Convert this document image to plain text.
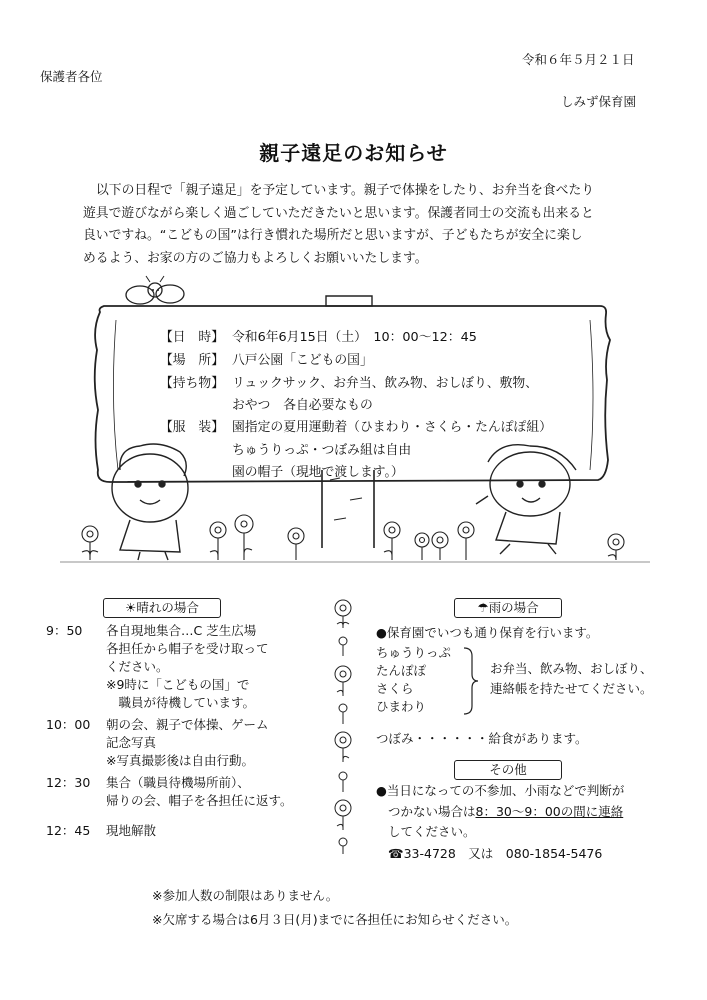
令和６年５月２１日
保護者各位
しみず保育園
親子遠足のお知らせ
以下の日程で「親子遠足」を予定しています。親子で体操をしたり、お弁当を食べたり
遊具で遊びながら楽しく過ごしていただきたいと思います。保護者同士の交流も出来ると
良いですね。“こどもの国”は行き慣れた場所だと思いますが、子どもたちが安全に楽し
めるよう、お家の方のご協力もよろしくお願いいたします。
【日　時】 令和6年6月15日（土）　10：00～12：45
【場　所】 八戸公園「こどもの国」
【持ち物】 リュックサック、お弁当、飲み物、おしぼり、敷物、
おやつ　各自必要なもの
【服　装】 園指定の夏用運動着（ひまわり・さくら・たんぽぽ組）
ちゅうりっぷ・つぼみ組は自由
園の帽子（現地で渡します。）
☀晴れの場合
9：50 各自現地集合…C 芝生広場
各担任から帽子を受け取って
ください。
※9時に「こどもの国」で
　職員が待機しています。
10：00 朝の会、親子で体操、ゲーム
記念写真
※写真撮影後は自由行動。
12：30 集合（職員待機場所前）、
帰りの会、帽子を各担任に返す。
12：45 現地解散
☂雨の場合
●保育園でいつも通り保育を行います。
ちゅうりっぷ
たんぽぽ
さくら
ひまわり
お弁当、飲み物、おしぼり、
連絡帳を持たせてください。
つぼみ・・・・・・給食があります。
その他
●当日になっての不参加、小雨などで判断が
つかない場合は8：30～9：00の間に連絡
してください。
☎33-4728　又は　080-1854-5476
※参加人数の制限はありません。
※欠席する場合は6月３日(月)までに各担任にお知らせください。
